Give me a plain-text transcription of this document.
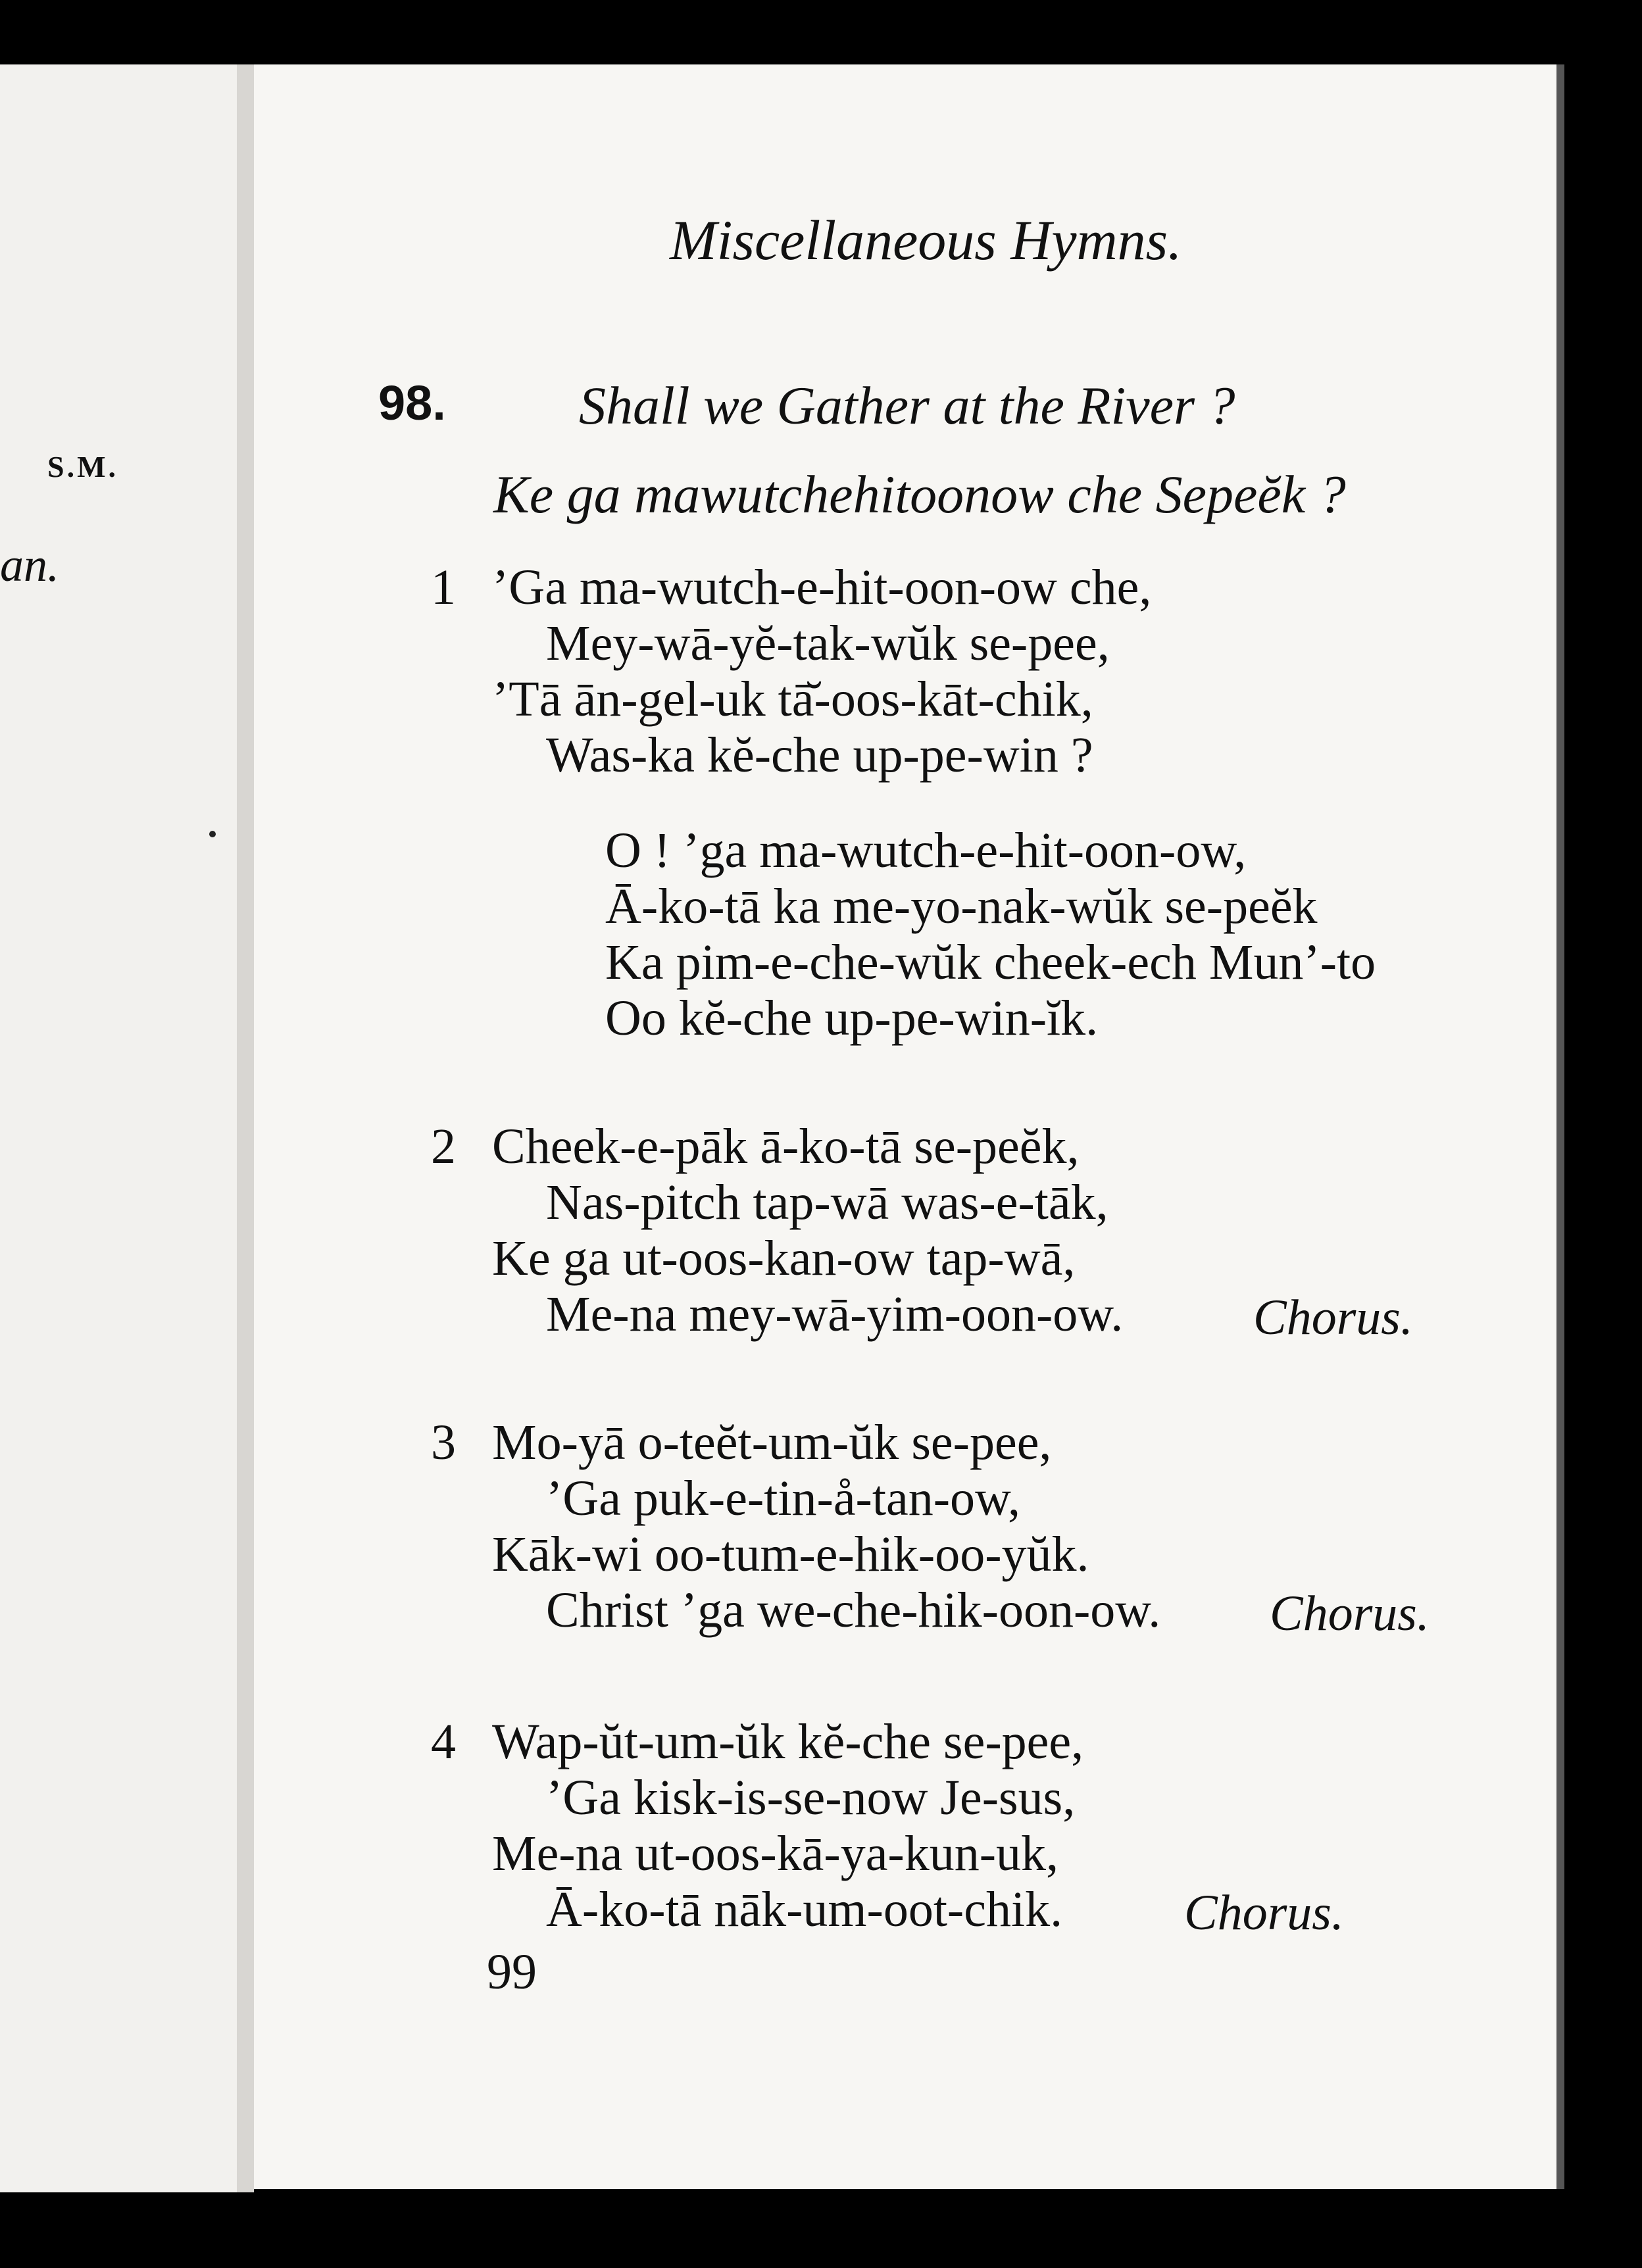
S.M.
an.
Miscellaneous Hymns.
98. Shall we Gather at the River ?
Ke ga mawutchehitoonow che Sepeĕk ?
1 ’Ga ma-wutch-e-hit-oon-ow che,
Mey-wā-yĕ-tak-wŭk se-pee,
’Tā ān-gel-uk tā̆-oos-kāt-chik,
Was-ka kĕ-che up-pe-win ?
O ! ’ga ma-wutch-e-hit-oon-ow,
Ā-ko-tā ka me-yo-nak-wŭk se-peĕk
Ka pim-e-che-wŭk cheek-ech Mun’-to
Oo kĕ-che up-pe-win-ĭk.
2 Cheek-e-pāk ā-ko-tā se-peĕk,
Nas-pitch tap-wā was-e-tāk,
Ke ga ut-oos-kan-ow tap-wā,
Me-na mey-wā-yim-oon-ow.	Chorus.
3 Mo-yā o-teĕt-um-ŭk se-pee,
’Ga puk-e-tin-å-tan-ow,
Kāk-wi oo-tum-e-hik-oo-yŭk.
Christ ’ga we-che-hik-oon-ow. Chorus.
4 Wap-ŭt-um-ŭk kĕ-che se-pee,
’Ga kisk-is-se-now Je-sus,
Me-na ut-oos-kā-ya-kun-uk,
Ā-ko-tā nāk-um-oot-chik. Chorus.
99
